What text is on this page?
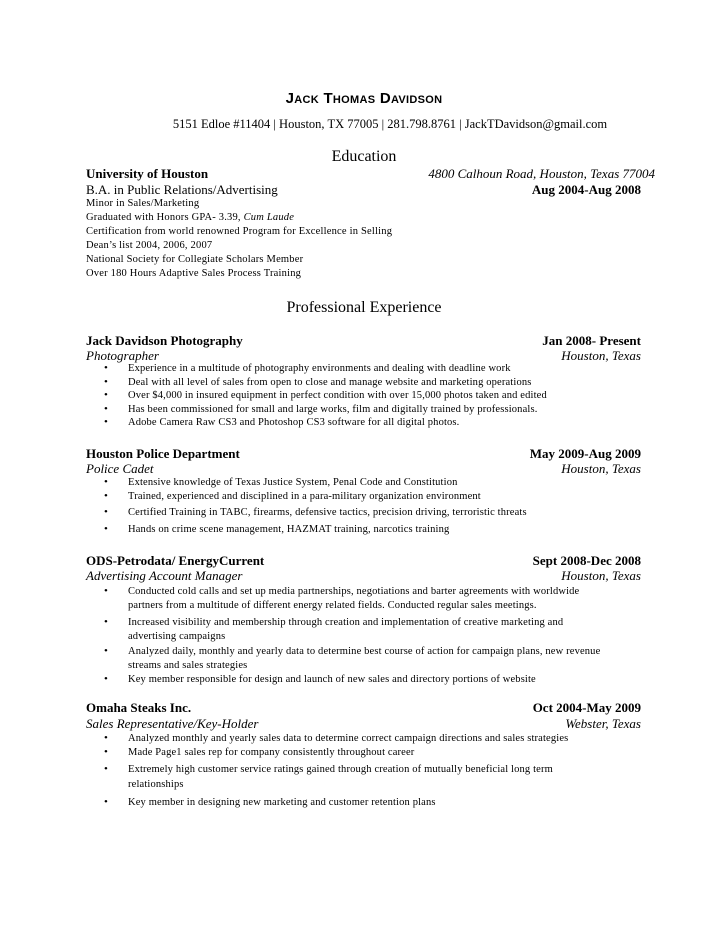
Jack Thomas Davidson
5151 Edloe #11404 | Houston, TX 77005 | 281.798.8761 | JackTDavidson@gmail.com
Education
University of Houston	4800 Calhoun Road, Houston, Texas 77004
B.A. in Public Relations/Advertising	Aug 2004-Aug 2008
Minor in Sales/Marketing
Graduated with Honors GPA- 3.39, Cum Laude
Certification from world renowned Program for Excellence in Selling
Dean’s list 2004, 2006, 2007
National Society for Collegiate Scholars Member
Over 180 Hours Adaptive Sales Process Training
Professional Experience
Jack Davidson Photography	Jan 2008- Present
Photographer	Houston, Texas
• Experience in a multitude of photography environments and dealing with deadline work
• Deal with all level of sales from open to close and manage website and marketing operations
• Over $4,000 in insured equipment in perfect condition with over 15,000 photos taken and edited
• Has been commissioned for small and large works, film and digitally trained by professionals.
• Adobe Camera Raw CS3 and Photoshop CS3 software for all digital photos.
Houston Police Department	May 2009-Aug 2009
Police Cadet	Houston, Texas
• Extensive knowledge of Texas Justice System, Penal Code and Constitution
• Trained, experienced and disciplined in a para-military organization environment
• Certified Training in TABC, firearms, defensive tactics, precision driving, terroristic threats
• Hands on crime scene management, HAZMAT training, narcotics training
ODS-Petrodata/ EnergyCurrent	Sept 2008-Dec 2008
Advertising Account Manager	Houston, Texas
• Conducted cold calls and set up media partnerships, negotiations and barter agreements with worldwide partners from a multitude of different energy related fields. Conducted regular sales meetings.
• Increased visibility and membership through creation and implementation of creative marketing and advertising campaigns
• Analyzed daily, monthly and yearly data to determine best course of action for campaign plans, new revenue streams and sales strategies
• Key member responsible for design and launch of new sales and directory portions of website
Omaha Steaks Inc.	Oct 2004-May 2009
Sales Representative/Key-Holder	Webster, Texas
• Analyzed monthly and yearly sales data to determine correct campaign directions and sales strategies
• Made Page1 sales rep for company consistently throughout career
• Extremely high customer service ratings gained through creation of mutually beneficial long term relationships
• Key member in designing new marketing and customer retention plans
